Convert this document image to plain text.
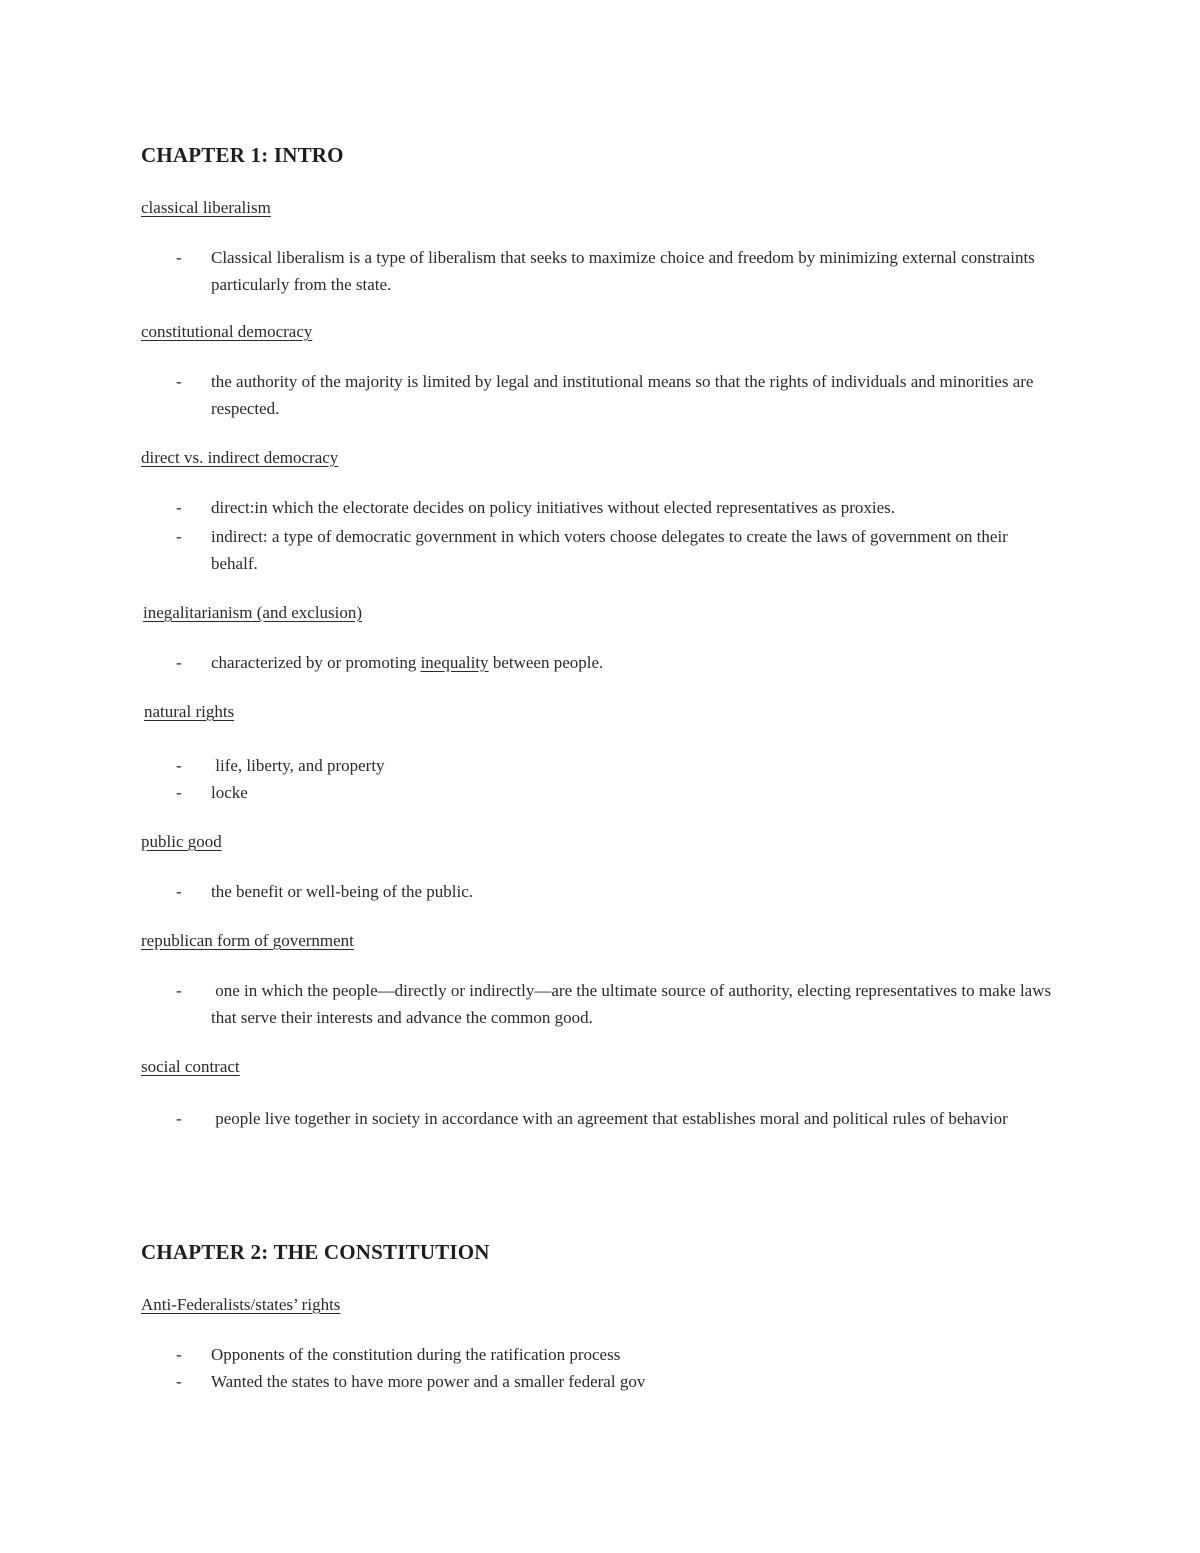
CHAPTER 1: INTRO

classical liberalism

- Classical liberalism is a type of liberalism that seeks to maximize choice and freedom by minimizing external constraints particularly from the state.

constitutional democracy

- the authority of the majority is limited by legal and institutional means so that the rights of individuals and minorities are respected.

direct vs. indirect democracy

- direct:in which the electorate decides on policy initiatives without elected representatives as proxies.
- indirect: a type of democratic government in which voters choose delegates to create the laws of government on their behalf.

inegalitarianism (and exclusion)

- characterized by or promoting inequality between people.

natural rights

- life, liberty, and property
- locke

public good

- the benefit or well-being of the public.

republican form of government

- one in which the people—directly or indirectly—are the ultimate source of authority, electing representatives to make laws that serve their interests and advance the common good.

social contract

- people live together in society in accordance with an agreement that establishes moral and political rules of behavior
CHAPTER 2: THE CONSTITUTION

Anti-Federalists/states’ rights

- Opponents of the constitution during the ratification process
- Wanted the states to have more power and a smaller federal gov
